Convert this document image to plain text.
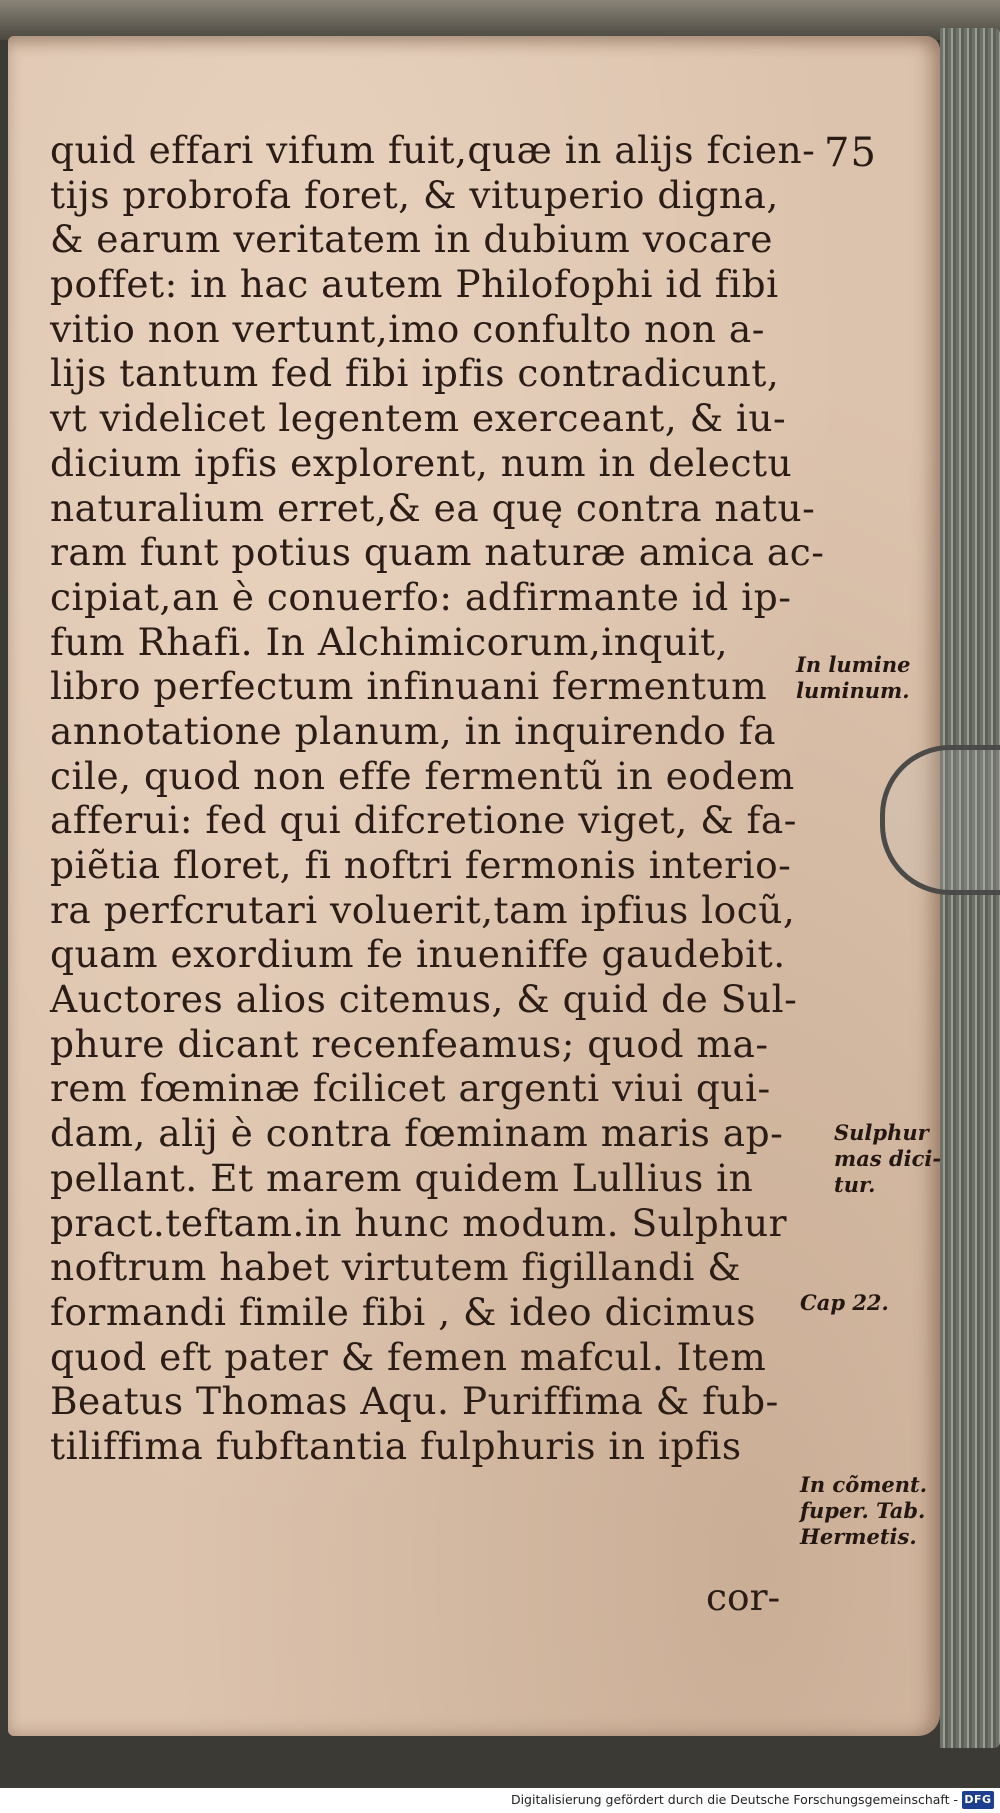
75
quid effari vifum fuit,quæ in alijs fcien-
tijs probrofa foret, & vituperio digna,
& earum veritatem in dubium vocare
poffet: in hac autem Philofophi id fibi
vitio non vertunt,imo confulto non a-
lijs tantum fed fibi ipfis contradicunt,
vt videlicet legentem exerceant, & iu-
dicium ipfis explorent, num in delectu
naturalium erret,& ea quę contra natu-
ram funt potius quam naturæ amica ac-
cipiat,an è conuerfo: adfirmante id ip-
fum Rhafi. In Alchimicorum,inquit,
libro perfectum infinuani fermentum
annotatione planum, in inquirendo fa
cile, quod non effe fermentũ in eodem
afferui: fed qui difcretione viget, & fa-
piẽtia floret, fi noftri fermonis interio-
ra perfcrutari voluerit,tam ipfius locũ,
quam exordium fe inueniffe gaudebit.
Auctores alios citemus, & quid de Sul-
phure dicant recenfeamus; quod ma-
rem fœminæ fcilicet argenti viui qui-
dam, alij è contra fœminam maris ap-
pellant. Et marem quidem Lullius in
pract.teftam.in hunc modum. Sulphur
noftrum habet virtutem figillandi &
formandi fimile fibi , & ideo dicimus
quod eft pater & femen mafcul. Item
Beatus Thomas Aqu. Puriffima & fub-
tiliffima fubftantia fulphuris in ipfis
cor-
In lumine
luminum.
Sulphur
mas dici-
tur.
Cap 22.
In cõment.
fuper. Tab.
Hermetis.
Digitalisierung gefördert durch die Deutsche Forschungsgemeinschaft - DFG
